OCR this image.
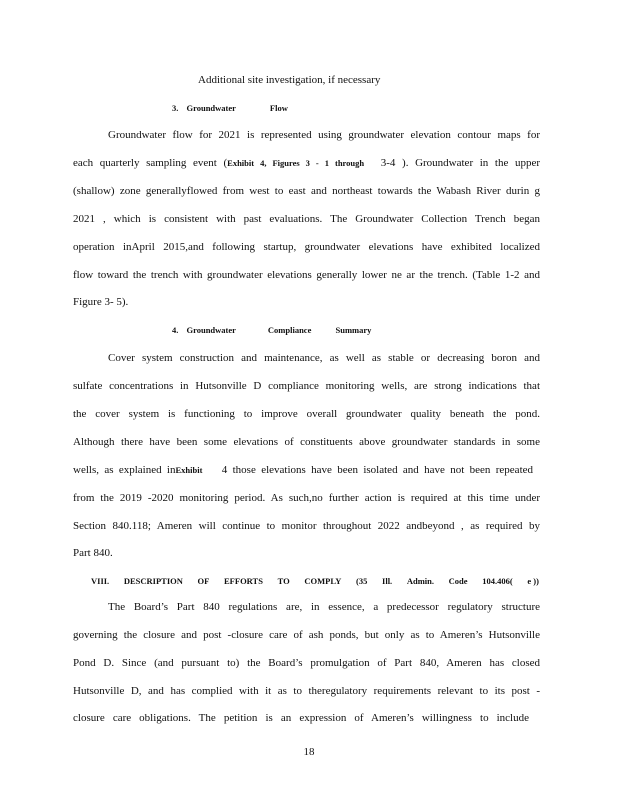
Additional site investigation, if necessary
3. Groundwater	Flow
Groundwater flow for 2021 is represented using groundwater elevation contour maps for
each quarterly sampling event (Exhibit 4, Figures 3 - 1 through 3-4 ). Groundwater in the upper
(shallow) zone generallyflowed from west to east and northeast towards the Wabash River durin g
2021 , which is consistent with past evaluations. The Groundwater Collection Trench began
operation inApril 2015,and following startup, groundwater elevations have exhibited localized
flow toward the trench with groundwater elevations generally lower ne ar the trench. (Table 1-2 and
Figure 3- 5).
4. Groundwater	Compliance	Summary
Cover system construction and maintenance, as well as stable or decreasing boron and
sulfate concentrations in Hutsonville D compliance monitoring wells, are strong indications that
the cover system is functioning to improve overall groundwater quality beneath the pond.
Although there have been some elevations of constituents above groundwater standards in some
wells, as explained inExhibit 4 those elevations have been isolated and have not been repeated
from the 2019 -2020 monitoring period. As such,no further action is required at this time under
Section 840.118; Ameren will continue to monitor throughout 2022 andbeyond , as required by
Part 840.
VIII. DESCRIPTION OF EFFORTS TO COMPLY (35 Ill. Admin. Code 104.406( e ))
The Board’s Part 840 regulations are, in essence, a predecessor regulatory structure
governing the closure and post -closure care of ash ponds, but only as to Ameren’s Hutsonville
Pond D. Since (and pursuant to) the Board’s promulgation of Part 840, Ameren has closed
Hutsonville D, and has complied with it as to theregulatory requirements relevant to its post -
closure care obligations. The petition is an expression of Ameren’s willingness to include
18
